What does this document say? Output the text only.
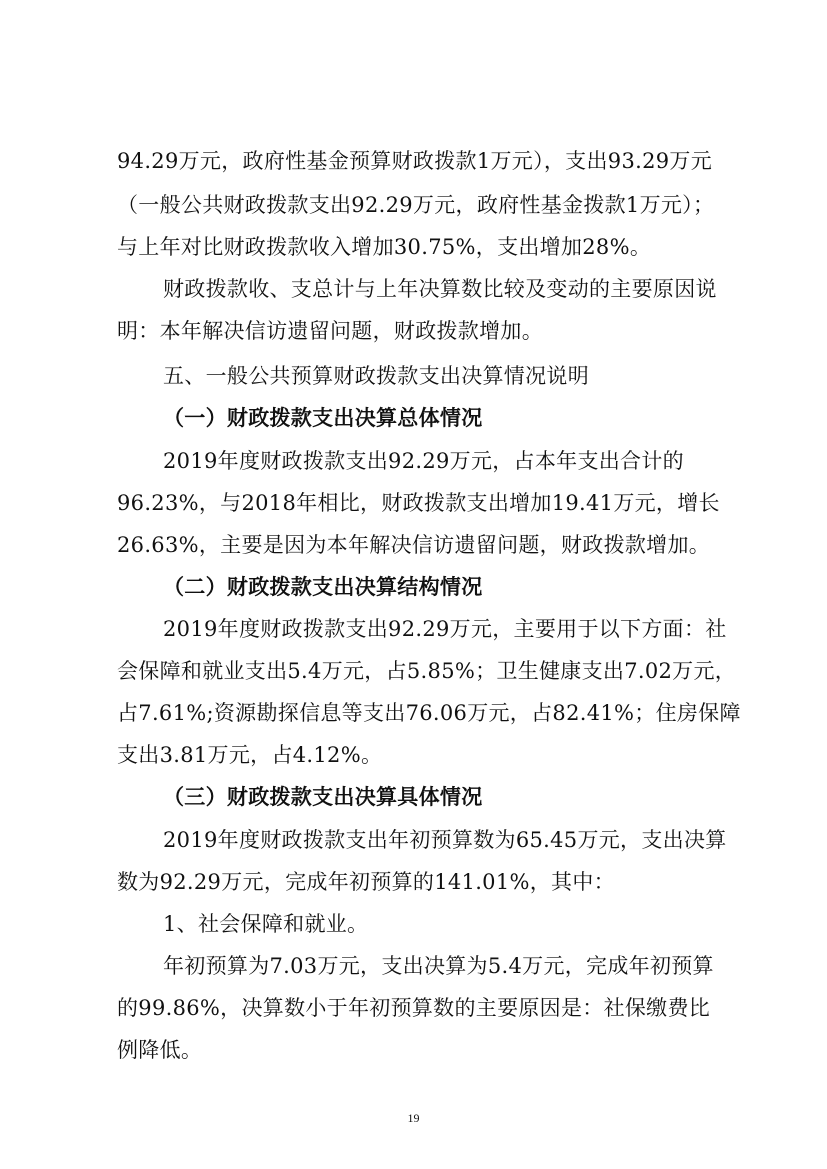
94.29万元，政府性基金预算财政拨款1万元），支出93.29万元
（一般公共财政拨款支出92.29万元，政府性基金拨款1万元）；
与上年对比财政拨款收入增加30.75%，支出增加28%。
财政拨款收、支总计与上年决算数比较及变动的主要原因说
明：本年解决信访遗留问题，财政拨款增加。
五、一般公共预算财政拨款支出决算情况说明
（一）财政拨款支出决算总体情况
2019年度财政拨款支出92.29万元，占本年支出合计的
96.23%，与2018年相比，财政拨款支出增加19.41万元，增长
26.63%，主要是因为本年解决信访遗留问题，财政拨款增加。
（二）财政拨款支出决算结构情况
2019年度财政拨款支出92.29万元，主要用于以下方面：社
会保障和就业支出5.4万元，占5.85%；卫生健康支出7.02万元，
占7.61%;资源勘探信息等支出76.06万元，占82.41%；住房保障
支出3.81万元，占4.12%。
（三）财政拨款支出决算具体情况
2019年度财政拨款支出年初预算数为65.45万元，支出决算
数为92.29万元，完成年初预算的141.01%，其中：
1、社会保障和就业。
年初预算为7.03万元，支出决算为5.4万元，完成年初预算
的99.86%，决算数小于年初预算数的主要原因是：社保缴费比
例降低。
19
